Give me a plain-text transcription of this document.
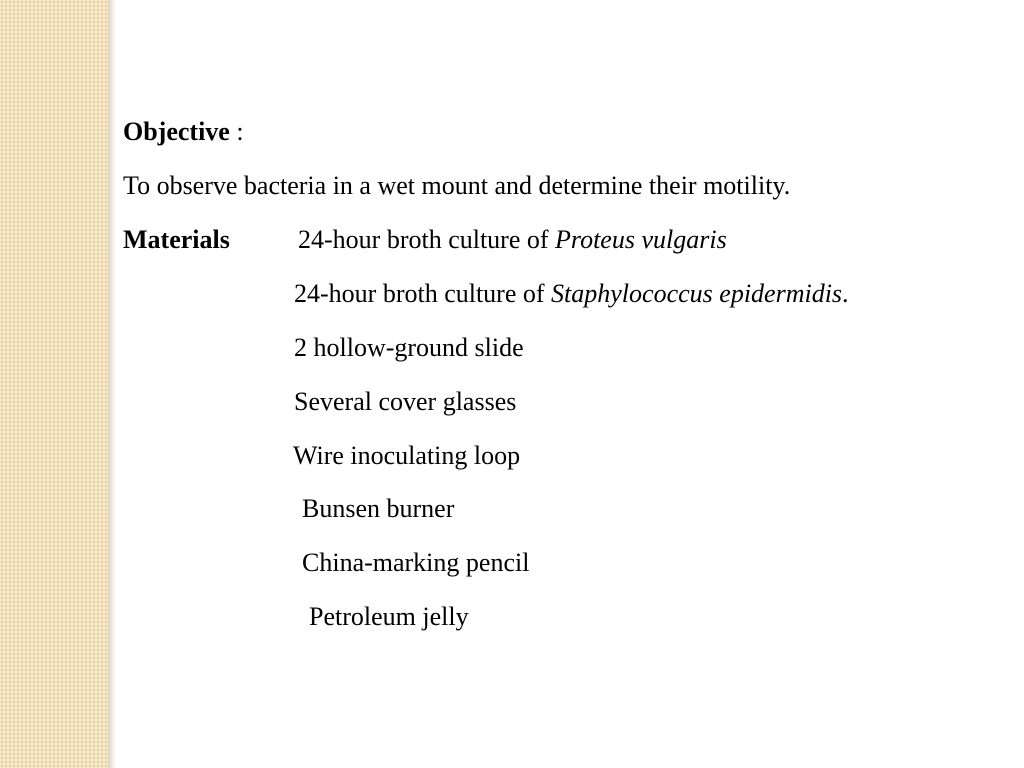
Objective :
To observe bacteria in a wet mount and determine their motility.
Materials	24-hour broth culture of Proteus vulgaris
24-hour broth culture of Staphylococcus epidermidis.
2 hollow-ground slide
Several cover glasses
Wire inoculating loop
Bunsen burner
China-marking pencil
Petroleum jelly
